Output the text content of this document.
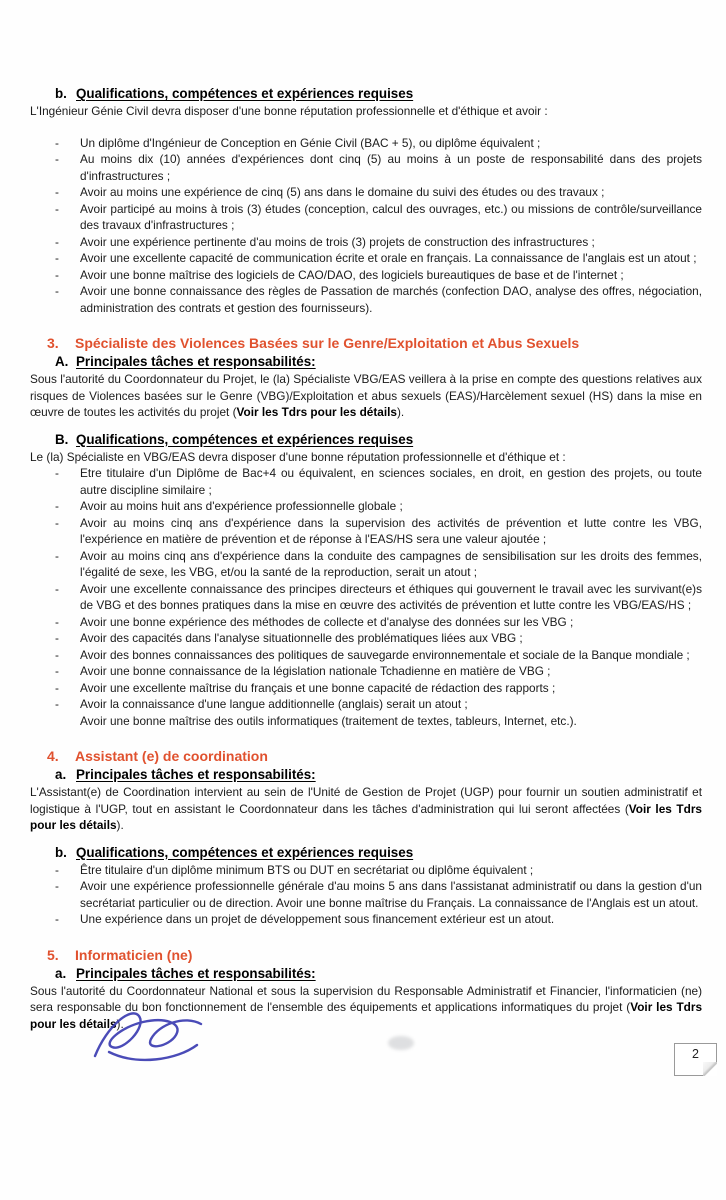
b. Qualifications, compétences et expériences requises

L'Ingénieur Génie Civil devra disposer d'une bonne réputation professionnelle et d'éthique et avoir :

- Un diplôme d'Ingénieur de Conception en Génie Civil (BAC + 5), ou diplôme équivalent ;
- Au moins dix (10) années d'expériences dont cinq (5) au moins à un poste de responsabilité dans des projets d'infrastructures ;
- Avoir au moins une expérience de cinq (5) ans dans le domaine du suivi des études ou des travaux ;
- Avoir participé au moins à trois (3) études (conception, calcul des ouvrages, etc.) ou missions de contrôle/surveillance des travaux d'infrastructures ;
- Avoir une expérience pertinente d'au moins de trois (3) projets de construction des infrastructures ;
- Avoir une excellente capacité de communication écrite et orale en français. La connaissance de l'anglais est un atout ;
- Avoir une bonne maîtrise des logiciels de CAO/DAO, des logiciels bureautiques de base et de l'internet ;
- Avoir une bonne connaissance des règles de Passation de marchés (confection DAO, analyse des offres, négociation, administration des contrats et gestion des fournisseurs).
3. Spécialiste des Violences Basées sur le Genre/Exploitation et Abus Sexuels
A. Principales tâches et responsabilités:

Sous l'autorité du Coordonnateur du Projet, le (la) Spécialiste VBG/EAS veillera à la prise en compte des questions relatives aux risques de Violences basées sur le Genre (VBG)/Exploitation et abus sexuels (EAS)/Harcèlement sexuel (HS) dans la mise en œuvre de toutes les activités du projet (Voir les Tdrs pour les détails).

B. Qualifications, compétences et expériences requises

Le (la) Spécialiste en VBG/EAS devra disposer d'une bonne réputation professionnelle et d'éthique et :

- Etre titulaire d'un Diplôme de Bac+4 ou équivalent, en sciences sociales, en droit, en gestion des projets, ou toute autre discipline similaire ;
- Avoir au moins huit ans d'expérience professionnelle globale ;
- Avoir au moins cinq ans d'expérience dans la supervision des activités de prévention et lutte contre les VBG, l'expérience en matière de prévention et de réponse à l'EAS/HS sera une valeur ajoutée ;
- Avoir au moins cinq ans d'expérience dans la conduite des campagnes de sensibilisation sur les droits des femmes, l'égalité de sexe, les VBG, et/ou la santé de la reproduction, serait un atout ;
- Avoir une excellente connaissance des principes directeurs et éthiques qui gouvernent le travail avec les survivant(e)s de VBG et des bonnes pratiques dans la mise en œuvre des activités de prévention et lutte contre les VBG/EAS/HS ;
- Avoir une bonne expérience des méthodes de collecte et d'analyse des données sur les VBG ;
- Avoir des capacités dans l'analyse situationnelle des problématiques liées aux VBG ;
- Avoir des bonnes connaissances des politiques de sauvegarde environnementale et sociale de la Banque mondiale ;
- Avoir une bonne connaissance de la législation nationale Tchadienne en matière de VBG ;
- Avoir une excellente maîtrise du français et une bonne capacité de rédaction des rapports ;
- Avoir la connaissance d'une langue additionnelle (anglais) serait un atout ;
Avoir une bonne maîtrise des outils informatiques (traitement de textes, tableurs, Internet, etc.).
4. Assistant (e) de coordination
a. Principales tâches et responsabilités:

L'Assistant(e) de Coordination intervient au sein de l'Unité de Gestion de Projet (UGP) pour fournir un soutien administratif et logistique à l'UGP, tout en assistant le Coordonnateur dans les tâches d'administration qui lui seront affectées (Voir les Tdrs pour les détails).

b. Qualifications, compétences et expériences requises
- Être titulaire d'un diplôme minimum BTS ou DUT en secrétariat ou diplôme équivalent ;
- Avoir une expérience professionnelle générale d'au moins 5 ans dans l'assistanat administratif ou dans la gestion d'un secrétariat particulier ou de direction. Avoir une bonne maîtrise du Français. La connaissance de l'Anglais est un atout.
- Une expérience dans un projet de développement sous financement extérieur est un atout.
5. Informaticien (ne)
a. Principales tâches et responsabilités:

Sous l'autorité du Coordonnateur National et sous la supervision du Responsable Administratif et Financier, l'informaticien (ne) sera responsable du bon fonctionnement de l'ensemble des équipements et applications informatiques du projet (Voir les Tdrs pour les détails).

2
